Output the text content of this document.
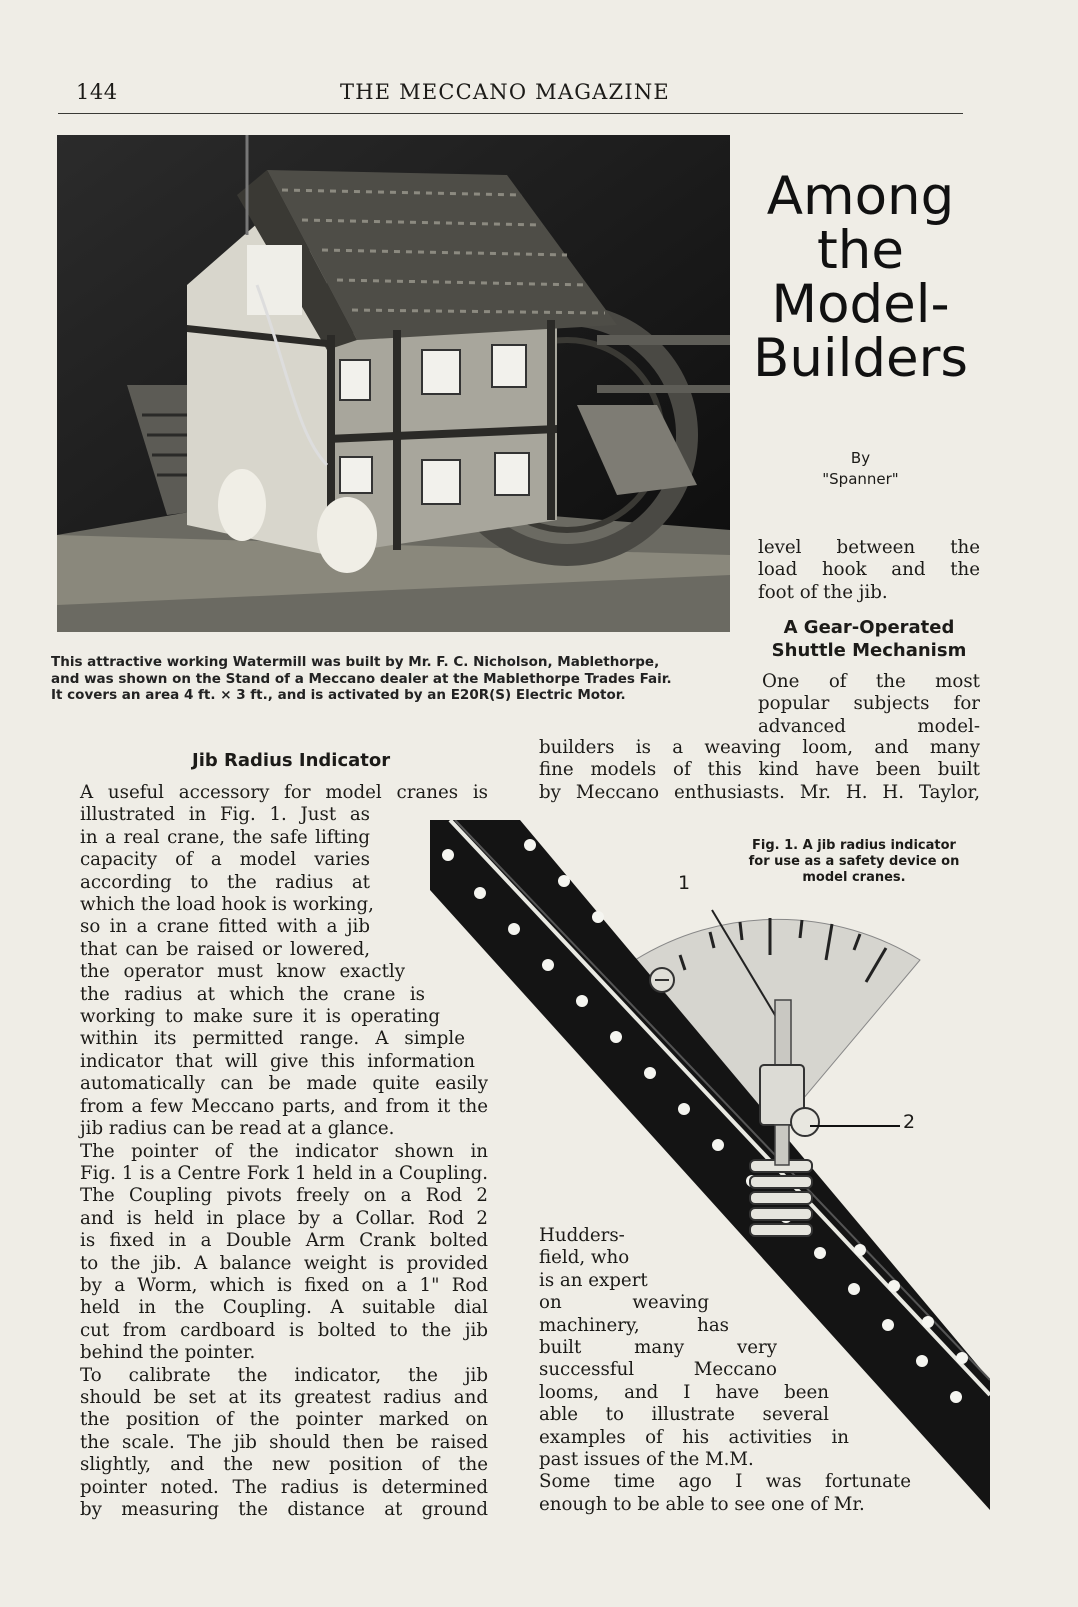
144	THE MECCANO MAGAZINE
This attractive working Watermill was built by Mr. F. C. Nicholson, Mablethorpe,
and was shown on the Stand of a Meccano dealer at the Mablethorpe Trades Fair.
It covers an area 4 ft. × 3 ft., and is activated by an E20R(S) Electric Motor.
Among
the
Model-
Builders
By
"Spanner"
level between the
load hook and the
foot of the jib.
A Gear-Operated
Shuttle Mechanism
One of the most
popular subjects for
advanced model-
builders is a weaving loom, and many
fine models of this kind have been built
by Meccano enthusiasts. Mr. H. H. Taylor,
Jib Radius Indicator
A useful accessory for model cranes is
illustrated in Fig. 1. Just as
in a real crane, the safe lifting
capacity of a model varies
according to the radius at
which the load hook is working,
so in a crane fitted with a jib
that can be raised or lowered,
the operator must know exactly
the radius at which the crane is
working to make sure it is operating
within its permitted range. A simple
indicator that will give this information
automatically can be made quite easily
from a few Meccano parts, and from it the
jib radius can be read at a glance.
The pointer of the indicator shown in
Fig. 1 is a Centre Fork 1 held in a Coupling.
The Coupling pivots freely on a Rod 2
and is held in place by a Collar. Rod 2
is fixed in a Double Arm Crank bolted
to the jib. A balance weight is provided
by a Worm, which is fixed on a 1" Rod
held in the Coupling. A suitable dial
cut from cardboard is bolted to the jib
behind the pointer.
To calibrate the indicator, the jib
should be set at its greatest radius and
the position of the pointer marked on
the scale. The jib should then be raised
slightly, and the new position of the
pointer noted. The radius is determined
by measuring the distance at ground
1
2
Fig. 1. A jib radius indicator
for use as a safety device on
model cranes.
Hudders-
field, who
is an expert
on weaving
machinery, has
built many very
successful Meccano
looms, and I have been
able to illustrate several
examples of his activities in
past issues of the M.M.
Some time ago I was fortunate
enough to be able to see one of Mr.
